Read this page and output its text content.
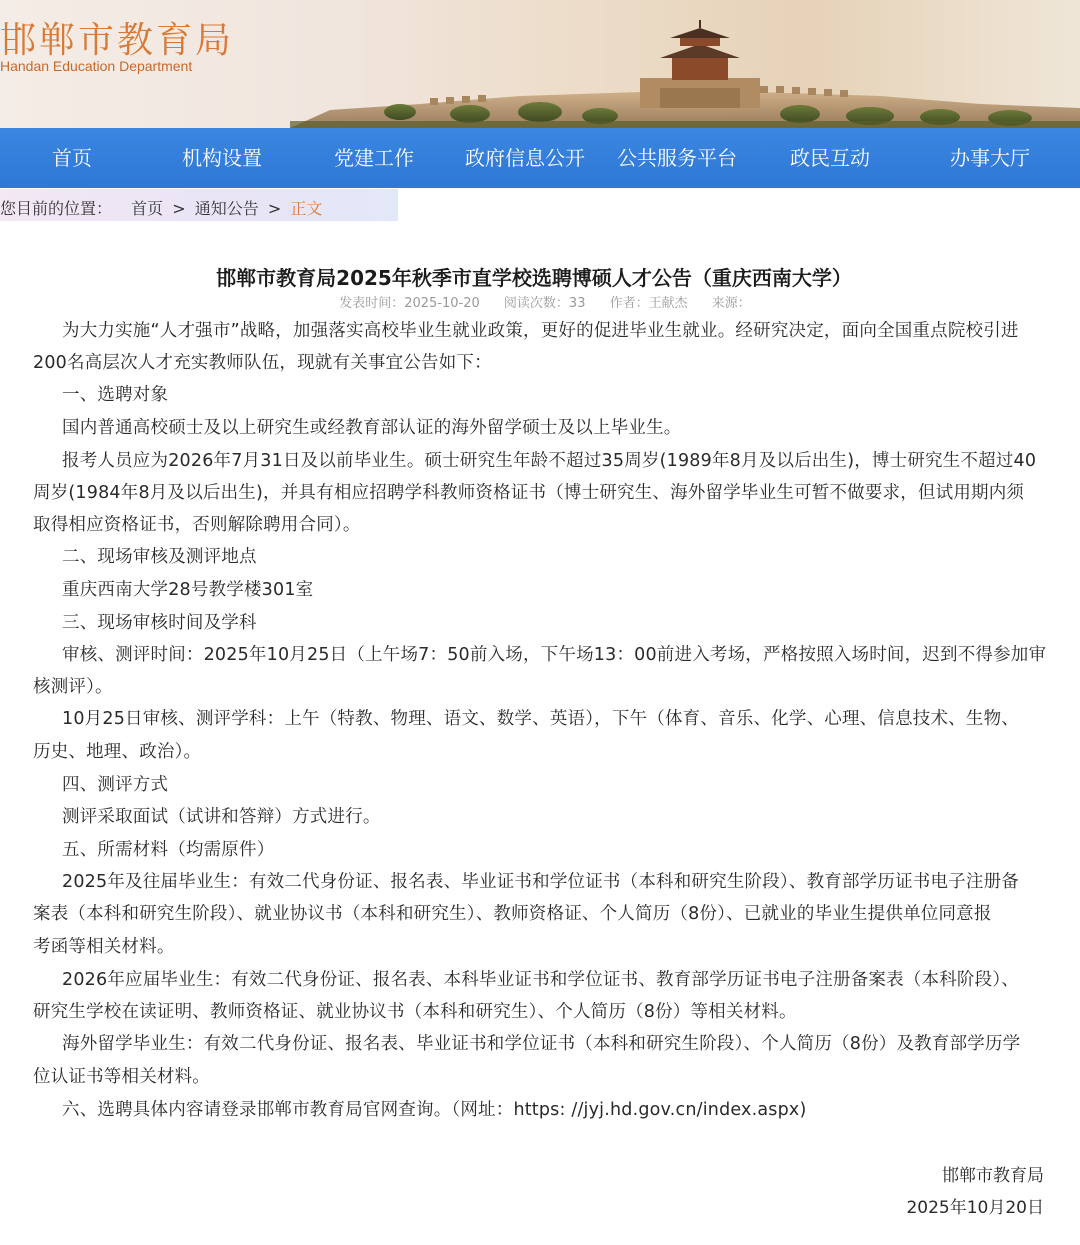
邯郸市教育局
Handan Education Department
首页	机构设置	党建工作	政府信息公开 公共服务平台	政民互动	办事大厅
您目前的位置： 首页 > 通知公告 > 正文
邯郸市教育局2025年秋季市直学校选聘博硕人才公告（重庆西南大学）
发表时间：2025-10-20 阅读次数：33 作者：王献杰 来源：
为大力实施“人才强市”战略，加强落实高校毕业生就业政策，更好的促进毕业生就业。经研究决定，面向全国重点院校引进
200名高层次人才充实教师队伍，现就有关事宜公告如下：
一、选聘对象
国内普通高校硕士及以上研究生或经教育部认证的海外留学硕士及以上毕业生。
报考人员应为2026年7月31日及以前毕业生。硕士研究生年龄不超过35周岁(1989年8月及以后出生)，博士研究生不超过40
周岁(1984年8月及以后出生)，并具有相应招聘学科教师资格证书（博士研究生、海外留学毕业生可暂不做要求，但试用期内须
取得相应资格证书，否则解除聘用合同）。
二、现场审核及测评地点
重庆西南大学28号教学楼301室
三、现场审核时间及学科
审核、测评时间：2025年10月25日（上午场7：50前入场，下午场13：00前进入考场，严格按照入场时间，迟到不得参加审
核测评）。
10月25日审核、测评学科：上午（特教、物理、语文、数学、英语），下午（体育、音乐、化学、心理、信息技术、生物、
历史、地理、政治）。
四、测评方式
测评采取面试（试讲和答辩）方式进行。
五、所需材料（均需原件）
2025年及往届毕业生：有效二代身份证、报名表、毕业证书和学位证书（本科和研究生阶段）、教育部学历证书电子注册备
案表（本科和研究生阶段）、就业协议书（本科和研究生）、教师资格证、个人简历（8份）、已就业的毕业生提供单位同意报
考函等相关材料。
2026年应届毕业生：有效二代身份证、报名表、本科毕业证书和学位证书、教育部学历证书电子注册备案表（本科阶段）、
研究生学校在读证明、教师资格证、就业协议书（本科和研究生）、个人简历（8份）等相关材料。
海外留学毕业生：有效二代身份证、报名表、毕业证书和学位证书（本科和研究生阶段）、个人简历（8份）及教育部学历学
位认证书等相关材料。
六、选聘具体内容请登录邯郸市教育局官网查询。（网址：https: //jyj.hd.gov.cn/index.aspx)
邯郸市教育局
2025年10月20日
